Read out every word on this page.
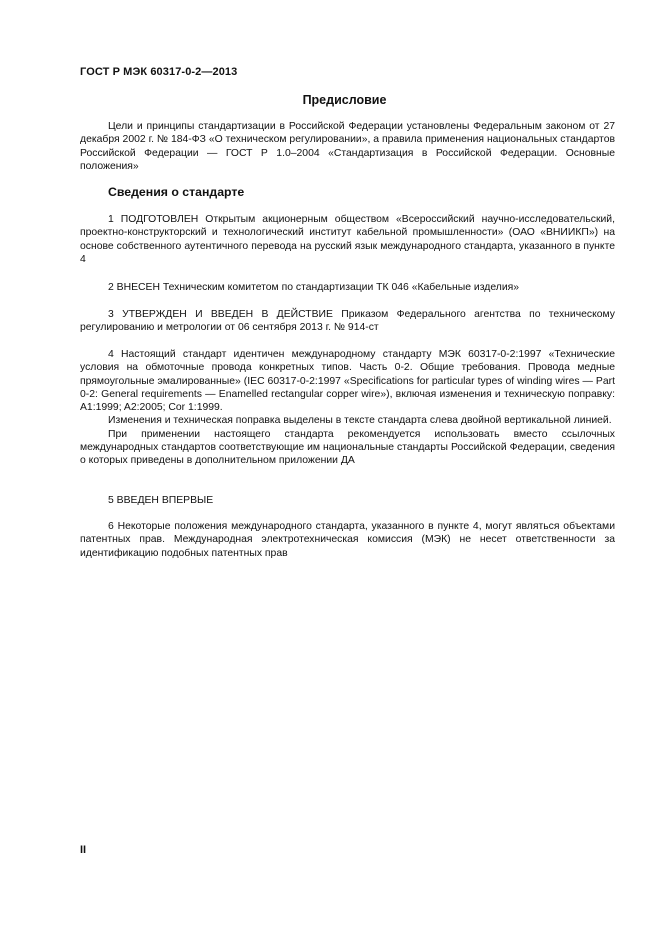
ГОСТ Р МЭК 60317-0-2—2013
Предисловие

Цели и принципы стандартизации в Российской Федерации установлены Федеральным законом от 27 декабря 2002 г. № 184-ФЗ «О техническом регулировании», а правила применения национальных стандартов Российской Федерации — ГОСТ Р 1.0–2004 «Стандартизация в Российской Федерации. Основные положения»

Сведения о стандарте

1 ПОДГОТОВЛЕН Открытым акционерным обществом «Всероссийский научно-исследовательский, проектно-конструкторский и технологический институт кабельной промышленности» (ОАО «ВНИИКП») на основе собственного аутентичного перевода на русский язык международного стандарта, указанного в пункте 4

2 ВНЕСЕН Техническим комитетом по стандартизации ТК 046 «Кабельные изделия»

3 УТВЕРЖДЕН И ВВЕДЕН В ДЕЙСТВИЕ Приказом Федерального агентства по техническому регулированию и метрологии от 06 сентября 2013 г. № 914-ст

4 Настоящий стандарт идентичен международному стандарту МЭК 60317-0-2:1997 «Технические условия на обмоточные провода конкретных типов. Часть 0-2. Общие требования. Провода медные прямоугольные эмалированные» (IEC 60317-0-2:1997 «Specifications for particular types of winding wires — Part 0-2: General requirements — Enamelled rectangular copper wire»), включая изменения и техническую поправку: A1:1999; A2:2005; Cor 1:1999.

Изменения и техническая поправка выделены в тексте стандарта слева двойной вертикальной линией.

При применении настоящего стандарта рекомендуется использовать вместо ссылочных международных стандартов соответствующие им национальные стандарты Российской Федерации, сведения о которых приведены в дополнительном приложении ДА

5 ВВЕДЕН ВПЕРВЫЕ

6 Некоторые положения международного стандарта, указанного в пункте 4, могут являться объектами патентных прав. Международная электротехническая комиссия (МЭК) не несет ответственности за идентификацию подобных патентных прав

II
